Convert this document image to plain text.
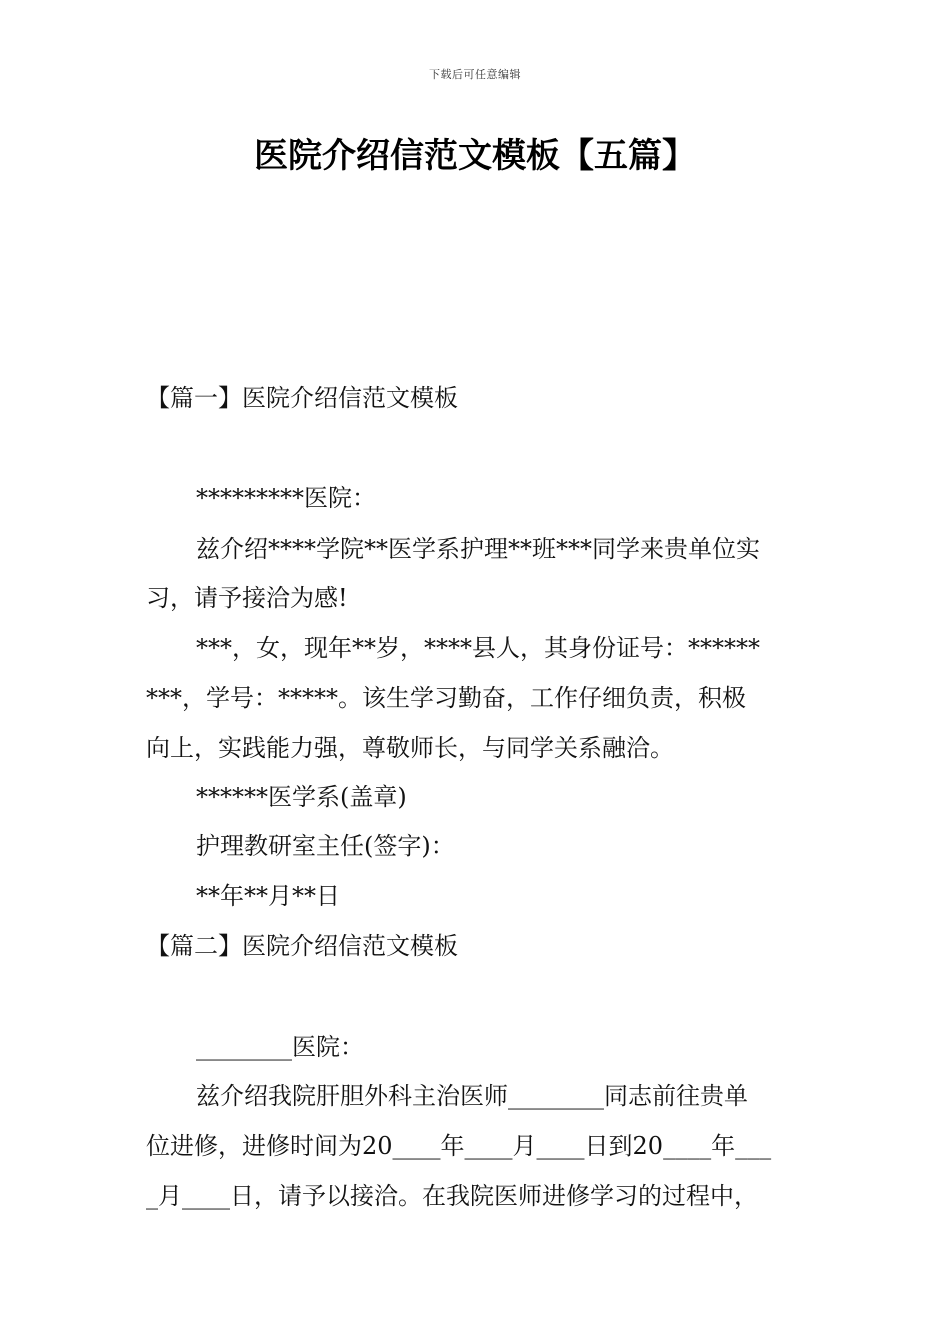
下载后可任意编辑
医院介绍信范文模板【五篇】
【篇一】医院介绍信范文模板
*********医院：
兹介绍****学院**医学系护理**班***同学来贵单位实
习，请予接洽为感!
***，女，现年**岁，****县人，其身份证号：******
***，学号：*****。该生学习勤奋，工作仔细负责，积极
向上，实践能力强，尊敬师长，与同学关系融洽。
******医学系(盖章)
护理教研室主任(签字)：
**年**月**日
【篇二】医院介绍信范文模板
________医院：
兹介绍我院肝胆外科主治医师________同志前往贵单
位进修，进修时间为20____年____月____日到20____年___
_月____日，请予以接洽。在我院医师进修学习的过程中，
